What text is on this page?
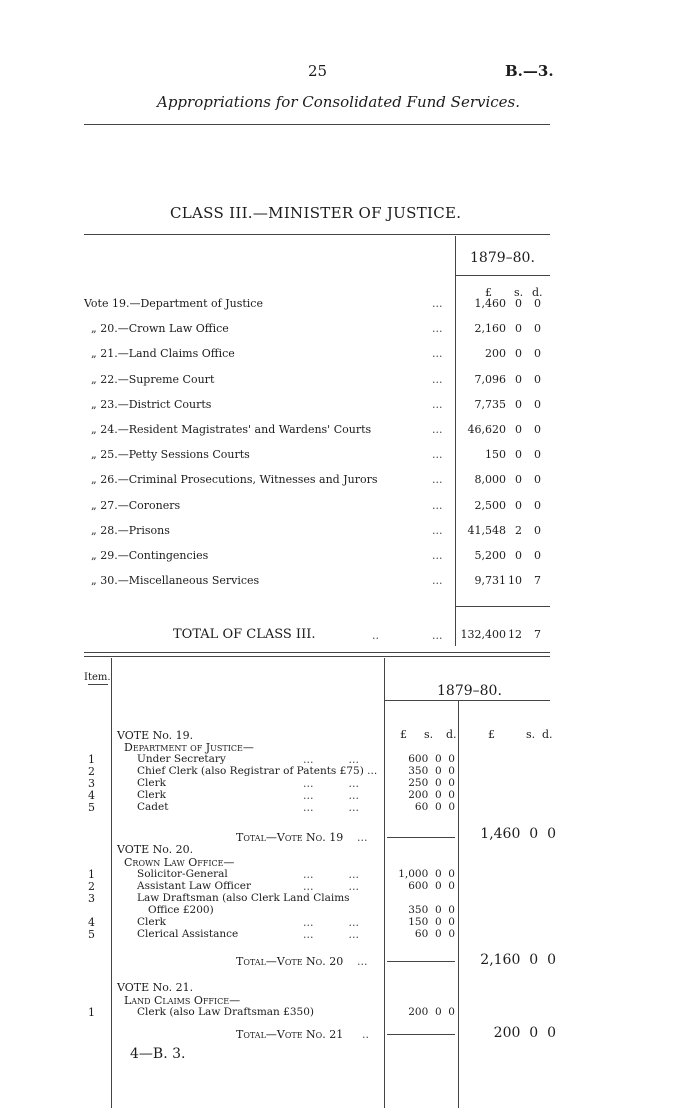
25	B.—3.
Appropriations for Consolidated Fund Services.
CLASS III.—MINISTER OF JUSTICE.
1879–80.
£ s. d.
Vote 19.—Department of Justice	...	1,460 0	0
„ 20.—Crown Law Office	...	2,160 0	0
„ 21.—Land Claims Office	...	200 0	0
„ 22.—Supreme Court	...	7,096 0	0
„ 23.—District Courts	...	7,735 0	0
„ 24.—Resident Magistrates' and Wardens' Courts	...	46,620 0	0
„ 25.—Petty Sessions Courts	...	150 0	0
„ 26.—Criminal Prosecutions, Witnesses and Jurors	...	8,000 0	0
„ 27.—Coroners	...	2,500 0	0
„ 28.—Prisons	...	41,548 2	0
„ 29.—Contingencies	...	5,200 0	0
„ 30.—Miscellaneous Services	...	9,731 10	7
TOTAL OF CLASS III.	..	...	132,400 12	7
Item.
1879–80.
£ s. d.	£	s. d.
VOTE No. 19.
Department of Justice—
1	Under Secretary	...          ...	600  0  0
2	Chief Clerk (also Registrar of Patents £75) ...	350  0  0
3	Clerk	...          ...	250  0  0
4	Clerk	...          ...	200  0  0
5	Cadet	...          ...	60  0  0
Total—Vote No. 19 ...	1,460  0  0
VOTE No. 20.
Crown Law Office—
1	Solicitor-General	...          ...	1,000  0  0
2	Assistant Law Officer	...          ...	600  0  0
3	Law Draftsman (also Clerk Land Claims
Office £200)	350  0  0
4	Clerk	...          ...	150  0  0
5	Clerical Assistance	...          ...	60  0  0
Total—Vote No. 20 ...	2,160  0  0
VOTE No. 21.
Land Claims Office—
1	Clerk (also Law Draftsman £350)	200  0  0
Total—Vote No. 21 ..	200  0  0
4—B. 3.
